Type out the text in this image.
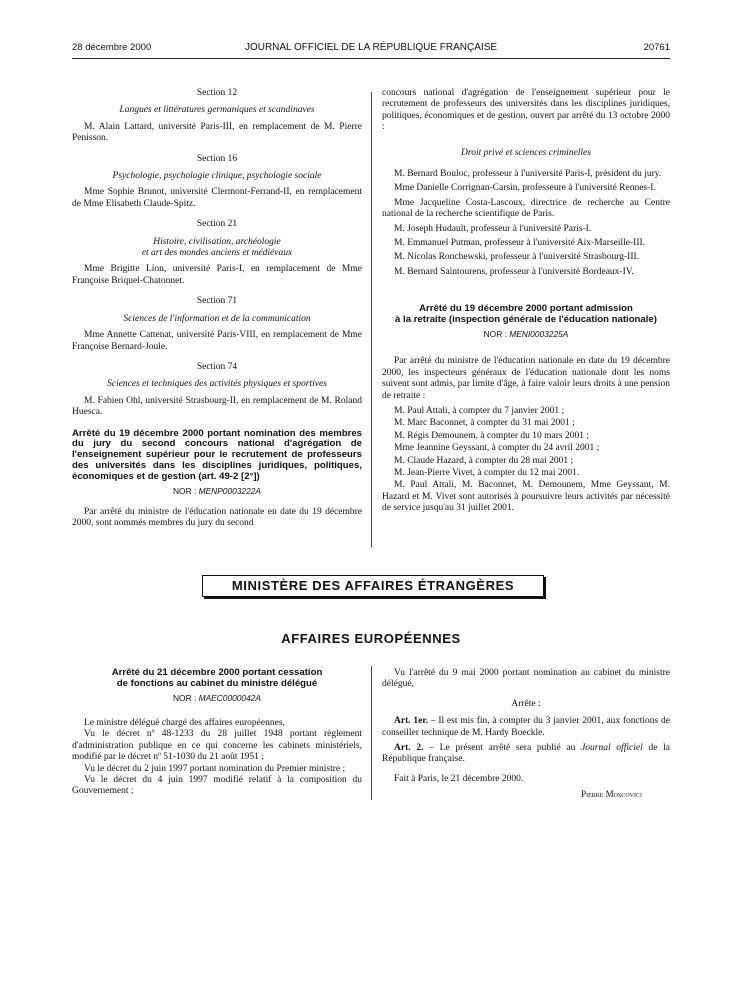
28 décembre 2000	JOURNAL OFFICIEL DE LA RÉPUBLIQUE FRANÇAISE	20761

Section 12

Langues et littératures germaniques et scandinaves

M. Alain Lattard, université Paris-III, en remplacement de M. Pierre Penisson.

Section 16

Psychologie, psychologie clinique, psychologie sociale

Mme Sophie Brunot, université Clermont-Ferrand-II, en remplacement de Mme Elisabeth Claude-Spitz.

Section 21

Histoire, civilisation, archéologie

et art des mondes anciens et médiévaux

Mme Brigitte Lion, université Paris-I, en remplacement de Mme Françoise Briquel-Chatonnet.

Section 71

Sciences de l'information et de la communication

Mme Annette Cattenat, université Paris-VIII, en remplacement de Mme Françoise Bernard-Joule.

Section 74

Sciences et techniques des activités physiques et sportives

M. Fabien Ohl, université Strasbourg-II, en remplacement de M. Roland Huesca.

Arrêté du 19 décembre 2000 portant nomination des membres du jury du second concours national d'agrégation de l'enseignement supérieur pour le recrutement de professeurs des universités dans les disciplines juridiques, politiques, économiques et de gestion (art. 49-2 [2°])

NOR : MENP0003222A

Par arrêté du ministre de l'éducation nationale en date du 19 décembre 2000, sont nommés membres du jury du second

concours national d'agrégation de l'enseignement supérieur pour le recrutement de professeurs des universités dans les disciplines juridiques, politiques, économiques et de gestion, ouvert par arrêté du 13 octobre 2000 :

Droit privé et sciences criminelles

M. Bernard Bouloc, professeur à l'université Paris-I, président du jury.

Mme Danielle Corrignan-Carsin, professeure à l'université Rennes-I.

Mme Jacqueline Costa-Lascoux, directrice de recherche au Centre national de la recherche scientifique de Paris.

M. Joseph Hudault, professeur à l'université Paris-I.

M. Emmanuel Putman, professeur à l'université Aix-Marseille-III.

M. Nicolas Ronchewski, professeur à l'université Strasbourg-III.

M. Bernard Saintourens, professeur à l'université Bordeaux-IV.

Arrêté du 19 décembre 2000 portant admission
à la retraite (inspection générale de l'éducation nationale)

NOR : MENI0003225A

Par arrêté du ministre de l'éducation nationale en date du 19 décembre 2000, les inspecteurs généraux de l'éducation nationale dont les noms suivent sont admis, par limite d'âge, à faire valoir leurs droits à une pension de retraite :

M. Paul Attali, à compter du 7 janvier 2001 ;

M. Marc Baconnet, à compter du 31 mai 2001 ;

M. Régis Demounem, à compter du 10 mars 2001 ;

Mme Jeannine Geyssant, à compter du 24 avril 2001 ;

M. Claude Hazard, à compter du 28 mai 2001 ;

M. Jean-Pierre Vivet, à compter du 12 mai 2001.

M. Paul Attali, M. Baconnet, M. Demounem, Mme Geyssant, M. Hazard et M. Vivet sont autorisés à poursuivre leurs activités par nécessité de service jusqu'au 31 juillet 2001.

MINISTÈRE DES AFFAIRES ÉTRANGÈRES
AFFAIRES EUROPÉENNES

Arrêté du 21 décembre 2000 portant cessation
de fonctions au cabinet du ministre délégué

NOR : MAEC0000042A

Le ministre délégué chargé des affaires européennes,

Vu le décret nº 48-1233 du 28 juillet 1948 portant règlement d'administration publique en ce qui concerne les cabinets ministériels, modifié par le décret nº 51-1030 du 21 août 1951 ;

Vu le décret du 2 juin 1997 portant nomination du Premier ministre ;

Vu le décret du 4 juin 1997 modifié relatif à la composition du Gouvernement ;

Vu l'arrêté du 9 mai 2000 portant nomination au cabinet du ministre délégué,

Arrête :

Art. 1er. – Il est mis fin, à compter du 3 janvier 2001, aux fonctions de conseiller technique de M. Hardy Boeckle.

Art. 2. – Le présent arrêté sera publié au Journal officiel de la République française.

Fait à Paris, le 21 décembre 2000.

Pierre Moscovici
